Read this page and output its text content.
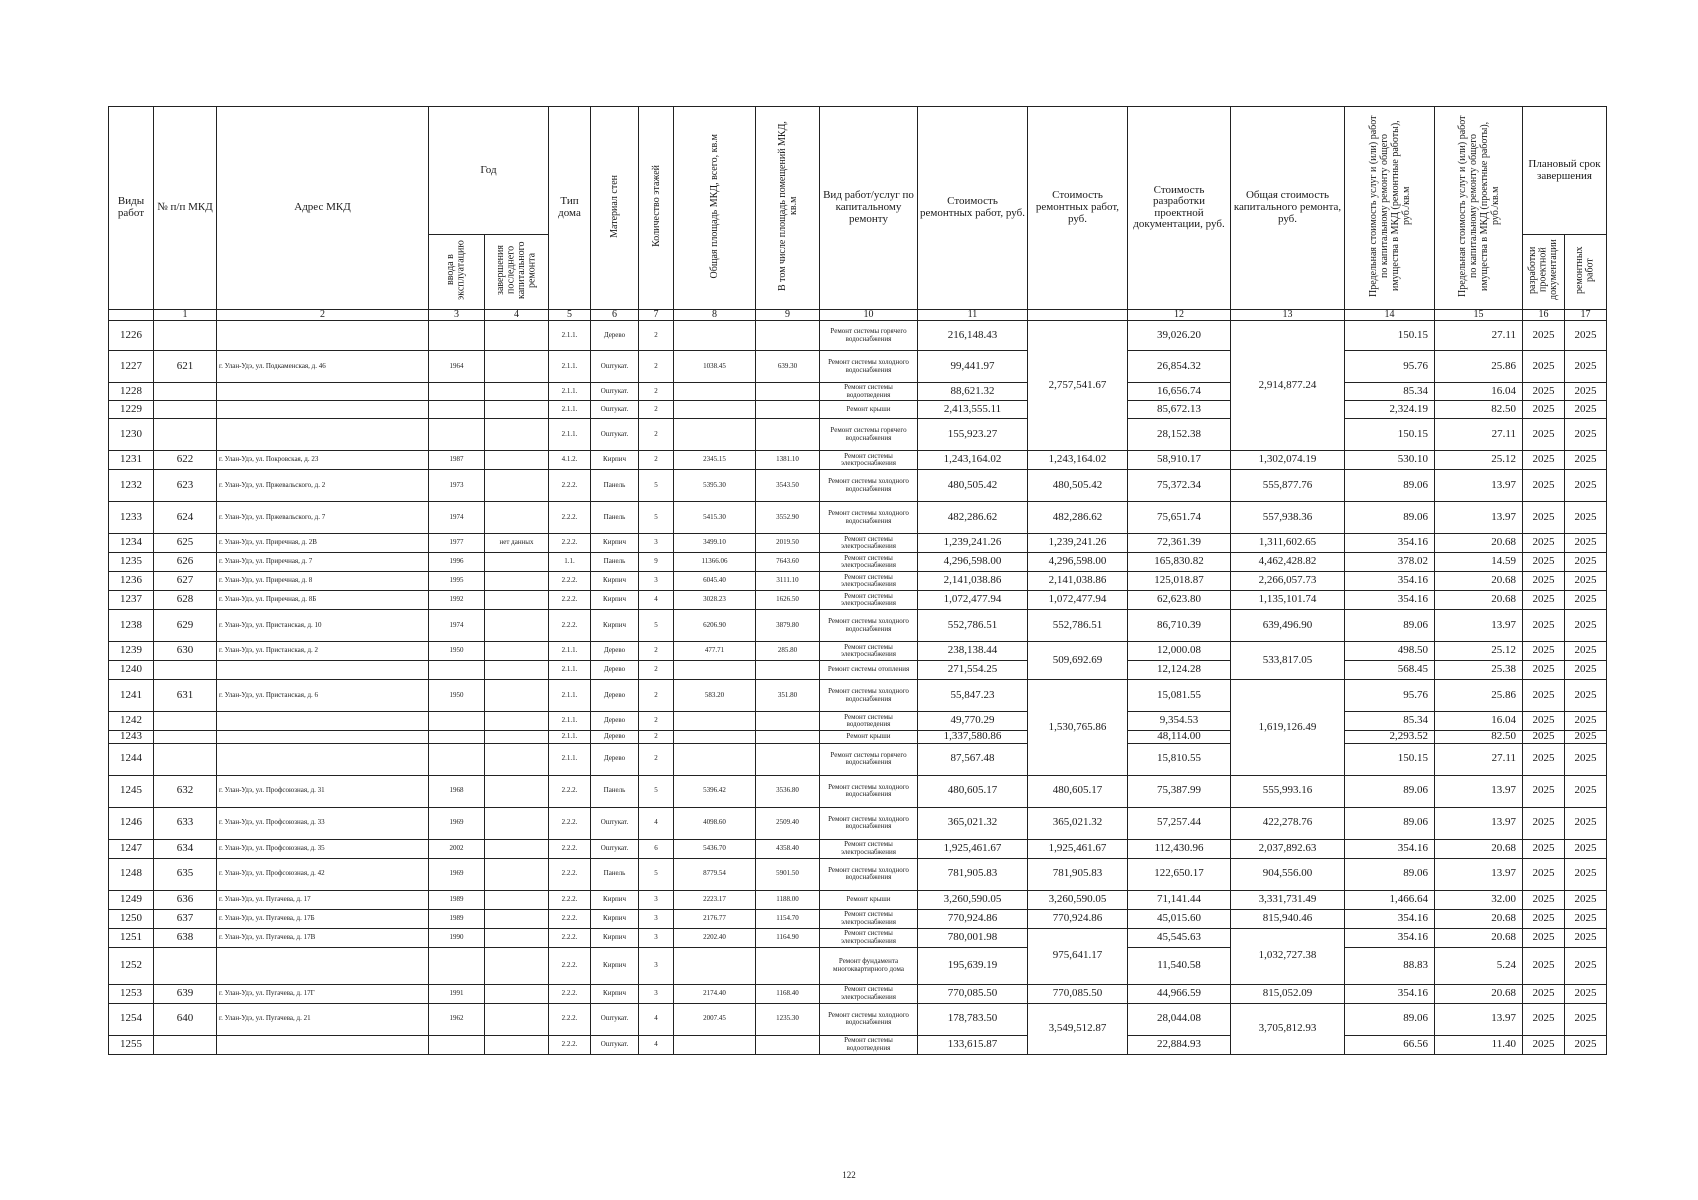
Виды работ	№ п/п МКД	Адрес МКД	Год		Тип дома	Материал стен	Количество этажей	Общая площадь МКД, всего, кв.м	В том числе площадь помещений МКД, кв.м	Вид работ/услуг по капитальному ремонту	Стоимость ремонтных работ, руб.	Стоимость ремонтных работ, руб.	Стоимость разработки проектной документации, руб.	Общая стоимость капитального ремонта, руб.	Предельная стоимость услуг и (или) работ по капитальному ремонту общего имущества в МКД (ремонтные работы), руб./кв.м	Предельная стоимость услуг и (или) работ по капитальному ремонту общего имущества в МКД (проектные работы), руб./кв.м	Плановый срок завершения	
			ввода в эксплуатацию	завершения последнего капитального ремонта													разработки проектной документации	ремонтных работ
	1	2	3	4	5	6	7	8	9	10	11		12	13	14	15	16	17
1226					2.1.1.	Дерево	2			Ремонт системы горячего водоснабжения	216,148.43	2,757,541.67	39,026.20	2,914,877.24	150.15	27.11	2025	2025
1227	621	г. Улан-Удэ, ул. Подкаменская, д. 46	1964		2.1.1.	Оштукат.	2	1038.45	639.30	Ремонт системы холодного водоснабжения	99,441.97		26,854.32		95.76	25.86	2025	2025
1228					2.1.1.	Оштукат.	2			Ремонт системы водоотведения	88,621.32		16,656.74		85.34	16.04	2025	2025
1229					2.1.1.	Оштукат.	2			Ремонт крыши	2,413,555.11		85,672.13		2,324.19	82.50	2025	2025
1230					2.1.1.	Оштукат.	2			Ремонт системы горячего водоснабжения	155,923.27		28,152.38		150.15	27.11	2025	2025
1231	622	г. Улан-Удэ, ул. Покровская, д. 23	1987		4.1.2.	Кирпич	2	2345.15	1381.10	Ремонт системы электроснабжения	1,243,164.02	1,243,164.02	58,910.17	1,302,074.19	530.10	25.12	2025	2025
1232	623	г. Улан-Удэ, ул. Пржевальского, д. 2	1973		2.2.2.	Панель	5	5395.30	3543.50	Ремонт системы холодного водоснабжения	480,505.42	480,505.42	75,372.34	555,877.76	89.06	13.97	2025	2025
1233	624	г. Улан-Удэ, ул. Пржевальского, д. 7	1974		2.2.2.	Панель	5	5415.30	3552.90	Ремонт системы холодного водоснабжения	482,286.62	482,286.62	75,651.74	557,938.36	89.06	13.97	2025	2025
1234	625	г. Улан-Удэ, ул. Приречная, д. 2В	1977	нет данных	2.2.2.	Кирпич	3	3499.10	2019.50	Ремонт системы электроснабжения	1,239,241.26	1,239,241.26	72,361.39	1,311,602.65	354.16	20.68	2025	2025
1235	626	г. Улан-Удэ, ул. Приречная, д. 7	1996		1.1.	Панель	9	11366.06	7643.60	Ремонт системы электроснабжения	4,296,598.00	4,296,598.00	165,830.82	4,462,428.82	378.02	14.59	2025	2025
1236	627	г. Улан-Удэ, ул. Приречная, д. 8	1995		2.2.2.	Кирпич	3	6045.40	3111.10	Ремонт системы электроснабжения	2,141,038.86	2,141,038.86	125,018.87	2,266,057.73	354.16	20.68	2025	2025
1237	628	г. Улан-Удэ, ул. Приречная, д. 8Б	1992		2.2.2.	Кирпич	4	3028.23	1626.50	Ремонт системы электроснабжения	1,072,477.94	1,072,477.94	62,623.80	1,135,101.74	354.16	20.68	2025	2025
1238	629	г. Улан-Удэ, ул. Пристанская, д. 10	1974		2.2.2.	Кирпич	5	6206.90	3879.80	Ремонт системы холодного водоснабжения	552,786.51	552,786.51	86,710.39	639,496.90	89.06	13.97	2025	2025
1239	630	г. Улан-Удэ, ул. Пристанская, д. 2	1950		2.1.1.	Дерево	2	477.71	285.80	Ремонт системы электроснабжения	238,138.44	509,692.69	12,000.08	533,817.05	498.50	25.12	2025	2025
1240					2.1.1.	Дерево	2			Ремонт системы отопления	271,554.25		12,124.28		568.45	25.38	2025	2025
1241	631	г. Улан-Удэ, ул. Пристанская, д. 6	1950		2.1.1.	Дерево	2	583.20	351.80	Ремонт системы холодного водоснабжения	55,847.23	1,530,765.86	15,081.55	1,619,126.49	95.76	25.86	2025	2025
1242					2.1.1.	Дерево	2			Ремонт системы водоотведения	49,770.29		9,354.53		85.34	16.04	2025	2025
1243					2.1.1.	Дерево	2			Ремонт крыши	1,337,580.86		48,114.00		2,293.52	82.50	2025	2025
1244					2.1.1.	Дерево	2			Ремонт системы горячего водоснабжения	87,567.48		15,810.55		150.15	27.11	2025	2025
1245	632	г. Улан-Удэ, ул. Профсоюзная, д. 31	1968		2.2.2.	Панель	5	5396.42	3536.80	Ремонт системы холодного водоснабжения	480,605.17	480,605.17	75,387.99	555,993.16	89.06	13.97	2025	2025
1246	633	г. Улан-Удэ, ул. Профсоюзная, д. 33	1969		2.2.2.	Оштукат.	4	4098.60	2509.40	Ремонт системы холодного водоснабжения	365,021.32	365,021.32	57,257.44	422,278.76	89.06	13.97	2025	2025
1247	634	г. Улан-Удэ, ул. Профсоюзная, д. 35	2002		2.2.2.	Оштукат.	6	5436.70	4358.40	Ремонт системы электроснабжения	1,925,461.67	1,925,461.67	112,430.96	2,037,892.63	354.16	20.68	2025	2025
1248	635	г. Улан-Удэ, ул. Профсоюзная, д. 42	1969		2.2.2.	Панель	5	8779.54	5901.50	Ремонт системы холодного водоснабжения	781,905.83	781,905.83	122,650.17	904,556.00	89.06	13.97	2025	2025
1249	636	г. Улан-Удэ, ул. Пугачева, д. 17	1989		2.2.2.	Кирпич	3	2223.17	1188.00	Ремонт крыши	3,260,590.05	3,260,590.05	71,141.44	3,331,731.49	1,466.64	32.00	2025	2025
1250	637	г. Улан-Удэ, ул. Пугачева, д. 17Б	1989		2.2.2.	Кирпич	3	2176.77	1154.70	Ремонт системы электроснабжения	770,924.86	770,924.86	45,015.60	815,940.46	354.16	20.68	2025	2025
1251	638	г. Улан-Удэ, ул. Пугачева, д. 17В	1990		2.2.2.	Кирпич	3	2202.40	1164.90	Ремонт системы электроснабжения	780,001.98	975,641.17	45,545.63	1,032,727.38	354.16	20.68	2025	2025
1252					2.2.2.	Кирпич	3			Ремонт фундамента многоквартирного дома	195,639.19		11,540.58		88.83	5.24	2025	2025
1253	639	г. Улан-Удэ, ул. Пугачева, д. 17Г	1991		2.2.2.	Кирпич	3	2174.40	1168.40	Ремонт системы электроснабжения	770,085.50	770,085.50	44,966.59	815,052.09	354.16	20.68	2025	2025
1254	640	г. Улан-Удэ, ул. Пугачева, д. 21	1962		2.2.2.	Оштукат.	4	2007.45	1235.30	Ремонт системы холодного водоснабжения	178,783.50	3,549,512.87	28,044.08	3,705,812.93	89.06	13.97	2025	2025
1255					2.2.2.	Оштукат.	4			Ремонт системы водоотведения	133,615.87		22,884.93		66.56	11.40	2025	2025
122
